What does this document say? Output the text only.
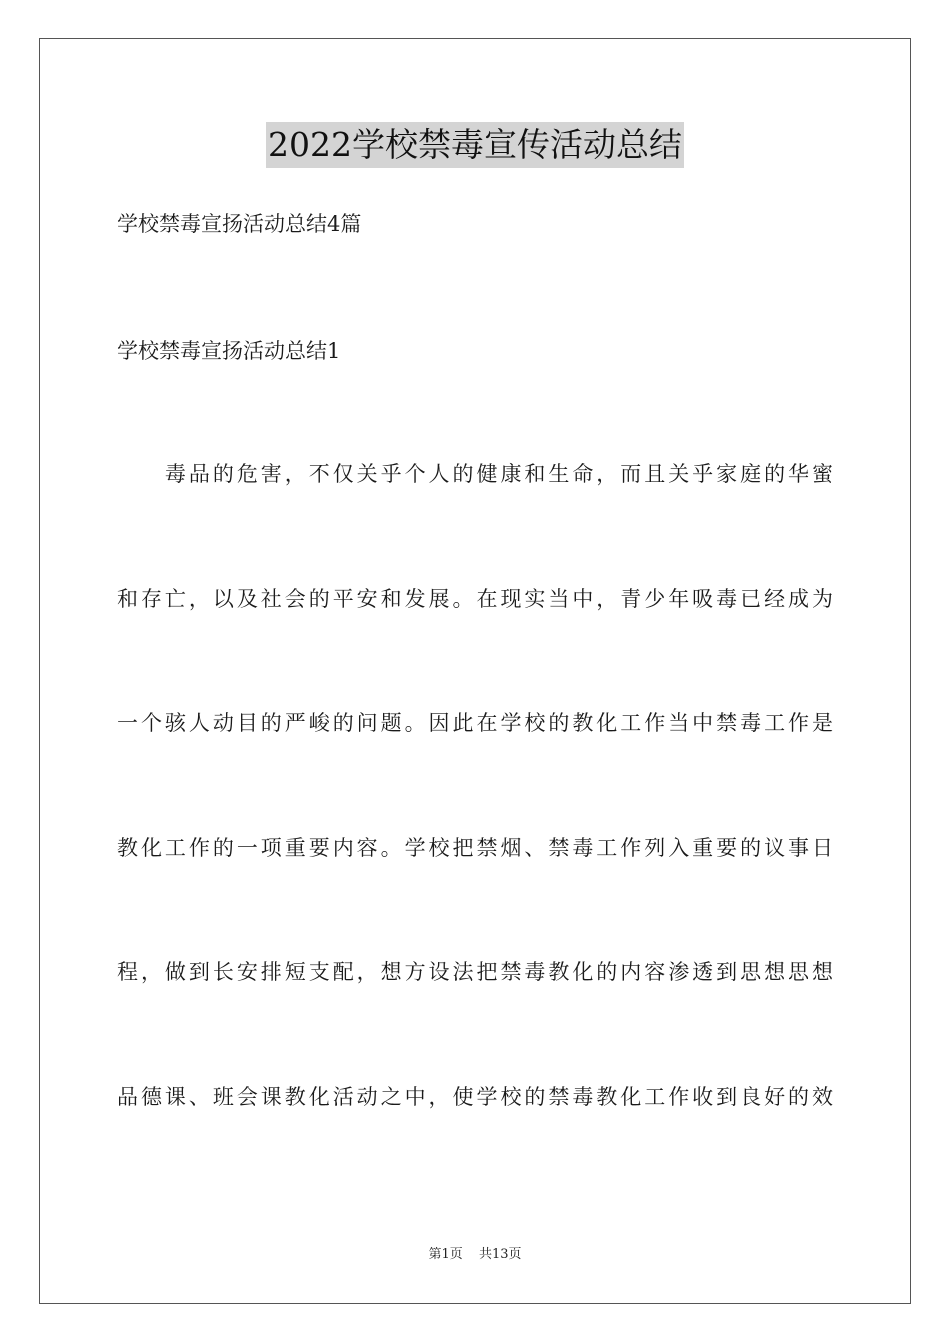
2022学校禁毒宣传活动总结
学校禁毒宣扬活动总结4篇
学校禁毒宣扬活动总结1
　　毒品的危害，不仅关乎个人的健康和生命，而且关乎家庭的华蜜
和存亡，以及社会的平安和发展。在现实当中，青少年吸毒已经成为
一个骇人动目的严峻的问题。因此在学校的教化工作当中禁毒工作是
教化工作的一项重要内容。学校把禁烟、禁毒工作列入重要的议事日
程，做到长安排短支配，想方设法把禁毒教化的内容渗透到思想思想
品德课、班会课教化活动之中，使学校的禁毒教化工作收到良好的效
第1页 共13页
